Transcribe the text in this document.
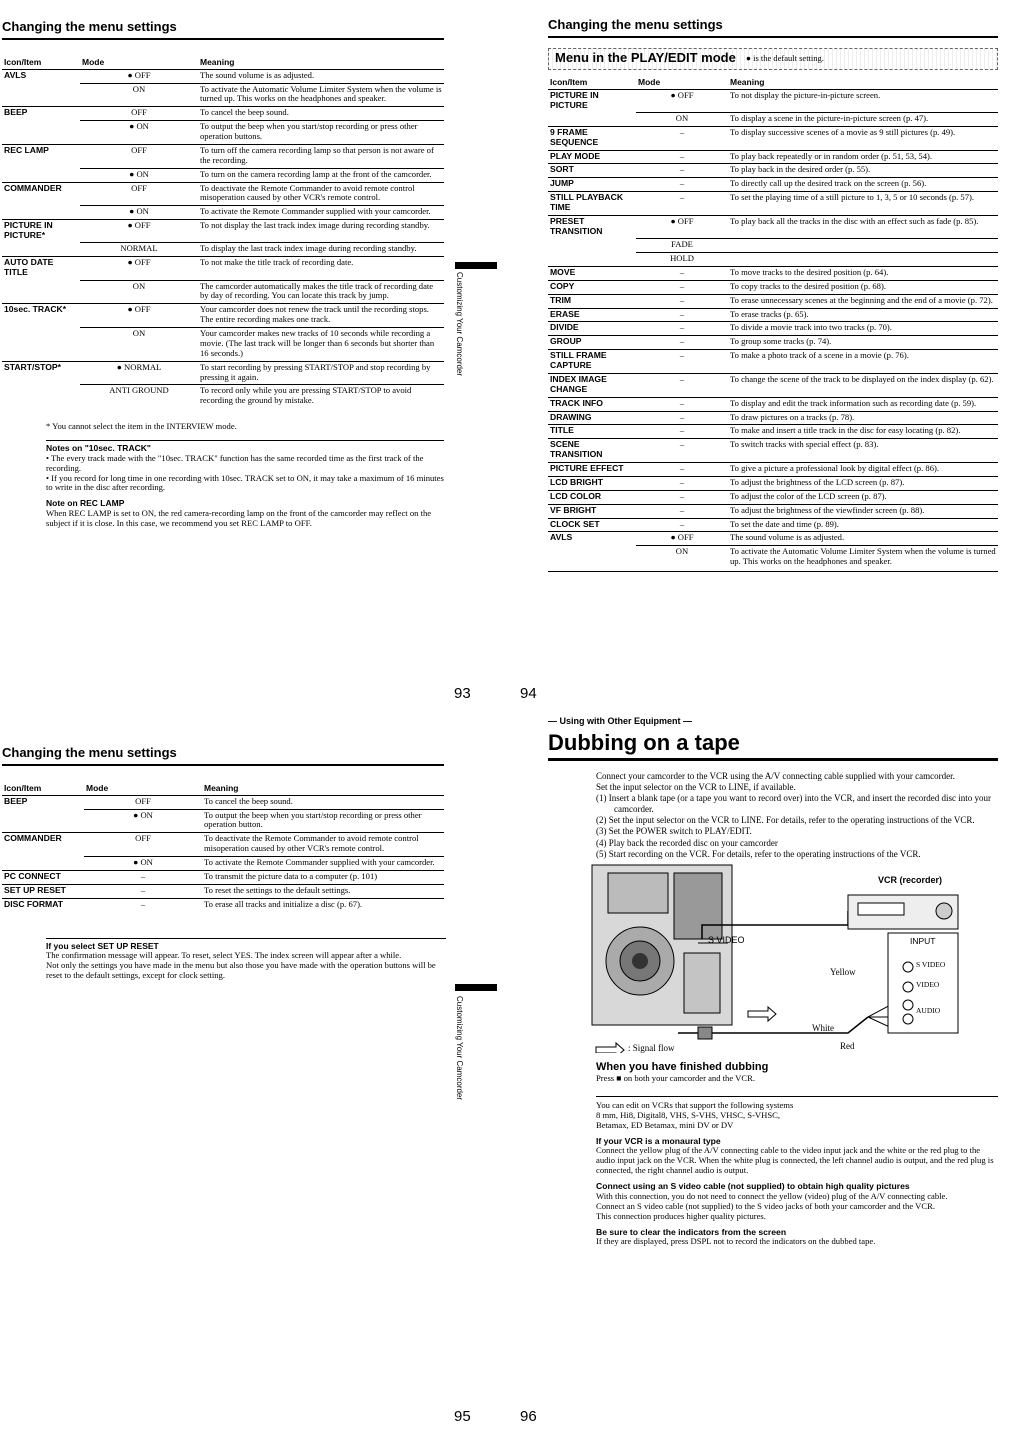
Changing the menu settings
Icon/Item	Mode	Meaning
AVLS	● OFF	The sound volume is as adjusted.
	ON	To activate the Automatic Volume Limiter System when the volume is turned up. This works on the headphones and speaker.
BEEP	OFF	To cancel the beep sound.
	● ON	To output the beep when you start/stop recording or press other operation buttons.
REC LAMP	OFF	To turn off the camera recording lamp so that person is not aware of the recording.
	● ON	To turn on the camera recording lamp at the front of the camcorder.
COMMANDER	OFF	To deactivate the Remote Commander to avoid remote control misoperation caused by other VCR's remote control.
	● ON	To activate the Remote Commander supplied with your camcorder.
PICTURE IN PICTURE*	● OFF	To not display the last track index image during recording standby.
	NORMAL	To display the last track index image during recording standby.
AUTO DATE TITLE	● OFF	To not make the title track of recording date.
	ON	The camcorder automatically makes the title track of recording date by day of recording. You can locate this track by jump.
10sec. TRACK*	● OFF	Your camcorder does not renew the track until the recording stops. The entire recording makes one track.
	ON	Your camcorder makes new tracks of 10 seconds while recording a movie. (The last track will be longer than 6 seconds but shorter than 16 seconds.)
START/STOP*	● NORMAL	To start recording by pressing START/STOP and stop recording by pressing it again.
	ANTI GROUND	To record only while you are pressing START/STOP to avoid recording the ground by mistake.
* You cannot select the item in the INTERVIEW mode.
Notes on "10sec. TRACK"
• The every track made with the "10sec. TRACK" function has the same recorded time as the first track of the recording.
• If you record for long time in one recording with 10sec. TRACK set to ON, it may take a maximum of 16 minutes to write in the disc after recording.
Note on REC LAMP
When REC LAMP is set to ON, the red camera-recording lamp on the front of the camcorder may reflect on the subject if it is close. In this case, we recommend you set REC LAMP to OFF.
Customizing Your Camcorder
93
Changing the menu settings
Menu in the PLAY/EDIT mode ● is the default setting.
Icon/Item	Mode	Meaning
PICTURE IN PICTURE	● OFF	To not display the picture-in-picture screen.
	ON	To display a scene in the picture-in-picture screen (p. 47).
9 FRAME SEQUENCE	–	To display successive scenes of a movie as 9 still pictures (p. 49).
PLAY MODE	–	To play back repeatedly or in random order (p. 51, 53, 54).
SORT	–	To play back in the desired order (p. 55).
JUMP	–	To directly call up the desired track on the screen (p. 56).
STILL PLAYBACK TIME	–	To set the playing time of a still picture to 1, 3, 5 or 10 seconds (p. 57).
PRESET TRANSITION	● OFF	To play back all the tracks in the disc with an effect such as fade (p. 85).
	FADE	
	HOLD	
MOVE	–	To move tracks to the desired position (p. 64).
COPY	–	To copy tracks to the desired position (p. 68).
TRIM	–	To erase unnecessary scenes at the beginning and the end of a movie (p. 72).
ERASE	–	To erase tracks (p. 65).
DIVIDE	–	To divide a movie track into two tracks (p. 70).
GROUP	–	To group some tracks (p. 74).
STILL FRAME CAPTURE	–	To make a photo track of a scene in a movie (p. 76).
INDEX IMAGE CHANGE	–	To change the scene of the track to be displayed on the index display (p. 62).
TRACK INFO	–	To display and edit the track information such as recording date (p. 59).
DRAWING	–	To draw pictures on a tracks (p. 78).
TITLE	–	To make and insert a title track in the disc for easy locating (p. 82).
SCENE TRANSITION	–	To switch tracks with special effect (p. 83).
PICTURE EFFECT	–	To give a picture a professional look by digital effect (p. 86).
LCD BRIGHT	–	To adjust the brightness of the LCD screen (p. 87).
LCD COLOR	–	To adjust the color of the LCD screen (p. 87).
VF BRIGHT	–	To adjust the brightness of the viewfinder screen (p. 88).
CLOCK SET	–	To set the date and time (p. 89).
AVLS	● OFF	The sound volume is as adjusted.
	ON	To activate the Automatic Volume Limiter System when the volume is turned up. This works on the headphones and speaker.
94
Changing the menu settings
Icon/Item	Mode	Meaning
BEEP	OFF	To cancel the beep sound.
	● ON	To output the beep when you start/stop recording or press other operation button.
COMMANDER	OFF	To deactivate the Remote Commander to avoid remote control misoperation caused by other VCR's remote control.
	● ON	To activate the Remote Commander supplied with your camcorder.
PC CONNECT	–	To transmit the picture data to a computer (p. 101)
SET UP RESET	–	To reset the settings to the default settings.
DISC FORMAT	–	To erase all tracks and initialize a disc (p. 67).
If you select SET UP RESET
The confirmation message will appear. To reset, select YES. The index screen will appear after a while.
Not only the settings you have made in the menu but also those you have made with the operation buttons will be reset to the default settings, except for clock setting.
Customizing Your Camcorder
95
— Using with Other Equipment —
Dubbing on a tape

Connect your camcorder to the VCR using the A/V connecting cable supplied with your camcorder.

Set the input selector on the VCR to LINE, if available.

(1) Insert a blank tape (or a tape you want to record over) into the VCR, and insert the recorded disc into your camcorder.

(2) Set the input selector on the VCR to LINE. For details, refer to the operating instructions of the VCR.

(3) Set the POWER switch to PLAY/EDIT.

(4) Play back the recorded disc on your camcorder

(5) Start recording on the VCR. For details, refer to the operating instructions of the VCR.

VCR (recorder)
S VIDEO	INPUT
S VIDEO
VIDEO
AUDIO
Yellow
White
Red
: Signal flow
When you have finished dubbing
Press ■ on both your camcorder and the VCR.
You can edit on VCRs that support the following systems
8 mm, Hi8, Digital8, VHS, S-VHS, VHSC, S-VHSC,
Betamax, ED Betamax, mini DV or DV
If your VCR is a monaural type
Connect the yellow plug of the A/V connecting cable to the video input jack and the white or the red plug to the audio input jack on the VCR. When the white plug is connected, the left channel audio is output, and the red plug is connected, the right channel audio is output.
Connect using an S video cable (not supplied) to obtain high quality pictures
With this connection, you do not need to connect the yellow (video) plug of the A/V connecting cable.
Connect an S video cable (not supplied) to the S video jacks of both your camcorder and the VCR.
This connection produces higher quality pictures.
Be sure to clear the indicators from the screen
If they are displayed, press DSPL not to record the indicators on the dubbed tape.
96
